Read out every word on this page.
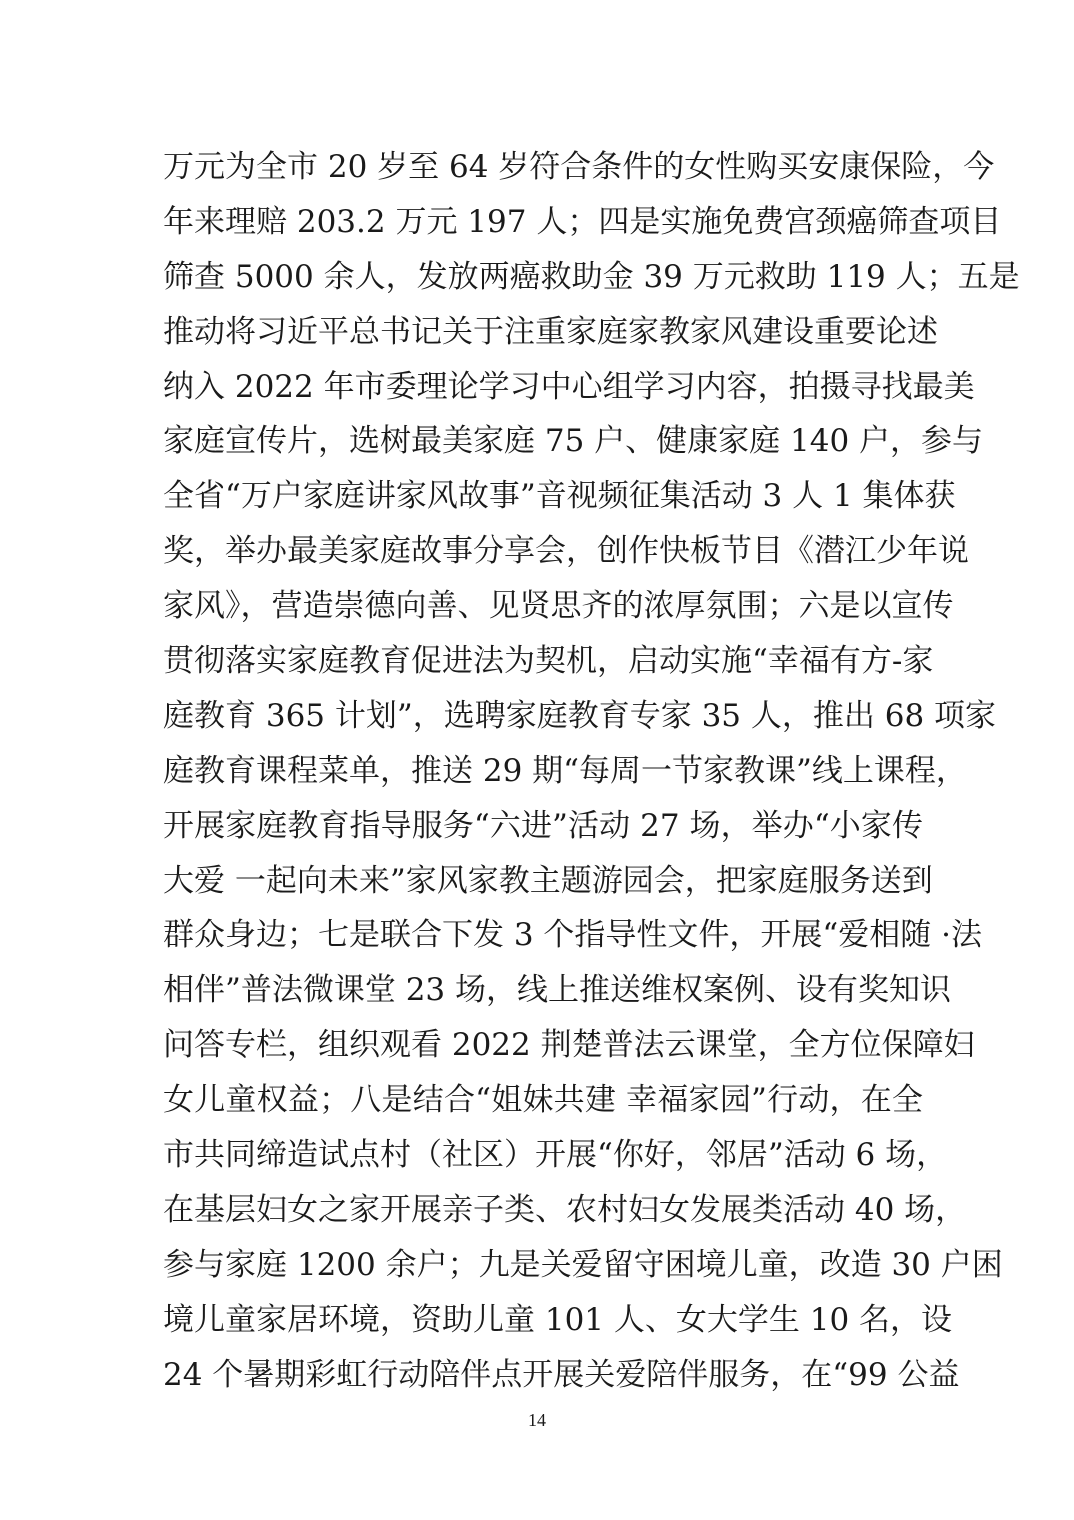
万元为全市 20 岁至 64 岁符合条件的女性购买安康保险，今
年来理赔 203.2 万元 197 人；四是实施免费宫颈癌筛查项目
筛查 5000 余人，发放两癌救助金 39 万元救助 119 人；五是
推动将习近平总书记关于注重家庭家教家风建设重要论述
纳入 2022 年市委理论学习中心组学习内容，拍摄寻找最美
家庭宣传片，选树最美家庭 75 户、健康家庭 140 户，参与
全省“万户家庭讲家风故事”音视频征集活动 3 人 1 集体获
奖，举办最美家庭故事分享会，创作快板节目《潜江少年说
家风》，营造崇德向善、见贤思齐的浓厚氛围；六是以宣传
贯彻落实家庭教育促进法为契机，启动实施“幸福有方-家
庭教育 365 计划”，选聘家庭教育专家 35 人，推出 68 项家
庭教育课程菜单，推送 29 期“每周一节家教课”线上课程，
开展家庭教育指导服务“六进”活动 27 场，举办“小家传
大爱 一起向未来”家风家教主题游园会，把家庭服务送到
群众身边；七是联合下发 3 个指导性文件，开展“爱相随 ·法
相伴”普法微课堂 23 场，线上推送维权案例、设有奖知识
问答专栏，组织观看 2022 荆楚普法云课堂，全方位保障妇
女儿童权益；八是结合“姐妹共建 幸福家园”行动，在全
市共同缔造试点村（社区）开展“你好，邻居”活动 6 场，
在基层妇女之家开展亲子类、农村妇女发展类活动 40 场，
参与家庭 1200 余户；九是关爱留守困境儿童，改造 30 户困
境儿童家居环境，资助儿童 101 人、女大学生 10 名，设
24 个暑期彩虹行动陪伴点开展关爱陪伴服务，在“99 公益
14
